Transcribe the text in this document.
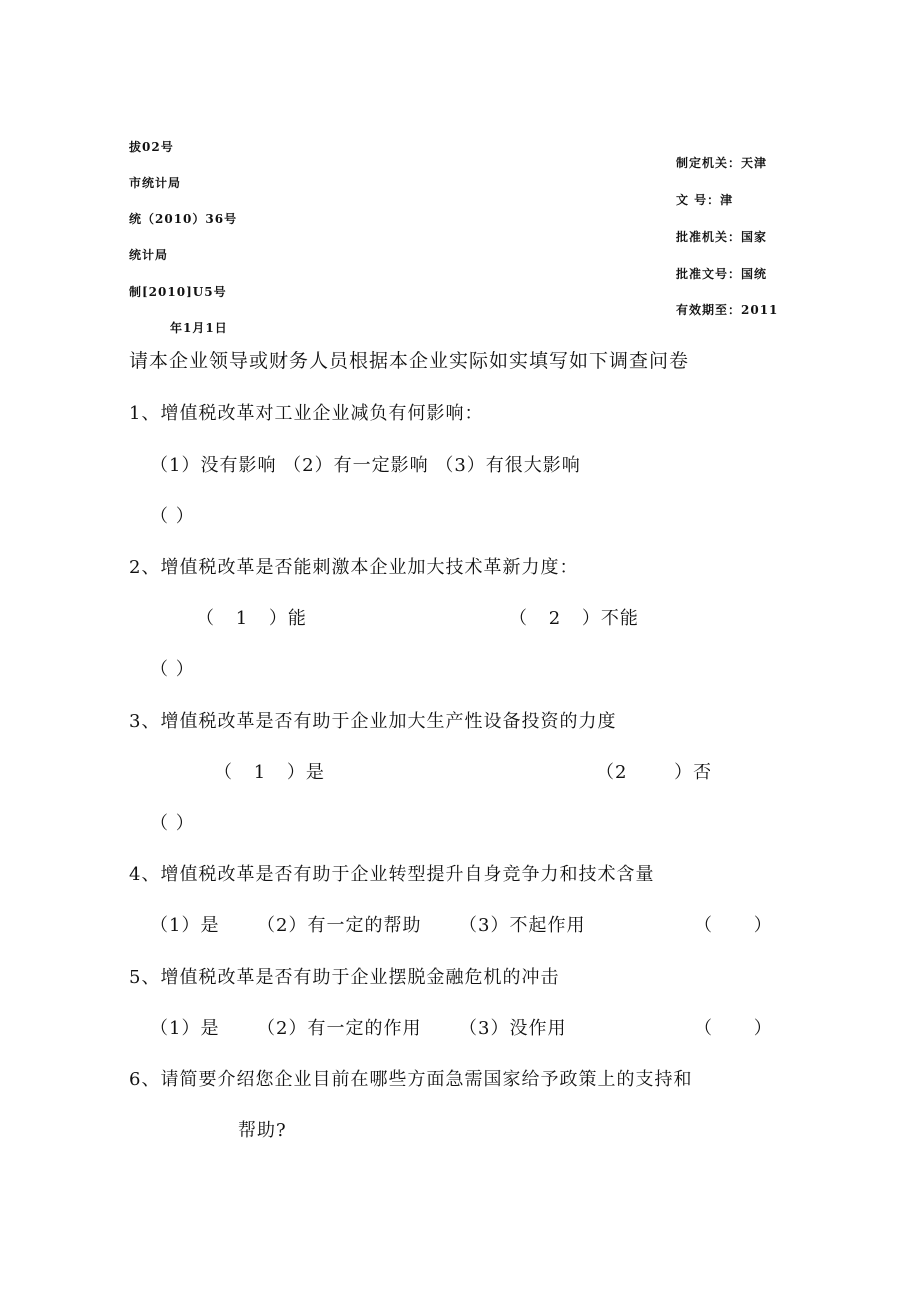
拔02号
市统计局
统（2010）36号
统计局
制[2010]U5号
年1月1日
制定机关：天津
文 号：津
批准机关：国家
批准文号：国统
有效期至：2011
请本企业领导或财务人员根据本企业实际如实填写如下调查问卷
1、增值税改革对工业企业减负有何影响：
（1）没有影响 （2）有一定影响 （3）有很大影响
（ ）
2、增值税改革是否能刺激本企业加大技术革新力度：
（ 1 ）能	（ 2 ）不能
（ ）
3、增值税改革是否有助于企业加大生产性设备投资的力度
（ 1 ）是	（2 ）否
（ ）
4、增值税改革是否有助于企业转型提升自身竞争力和技术含量
（1）是 （2）有一定的帮助 （3）不起作用	（ ）
5、增值税改革是否有助于企业摆脱金融危机的冲击
（1）是 （2）有一定的作用 （3）没作用	（ ）
6、请简要介绍您企业目前在哪些方面急需国家给予政策上的支持和
帮助?
